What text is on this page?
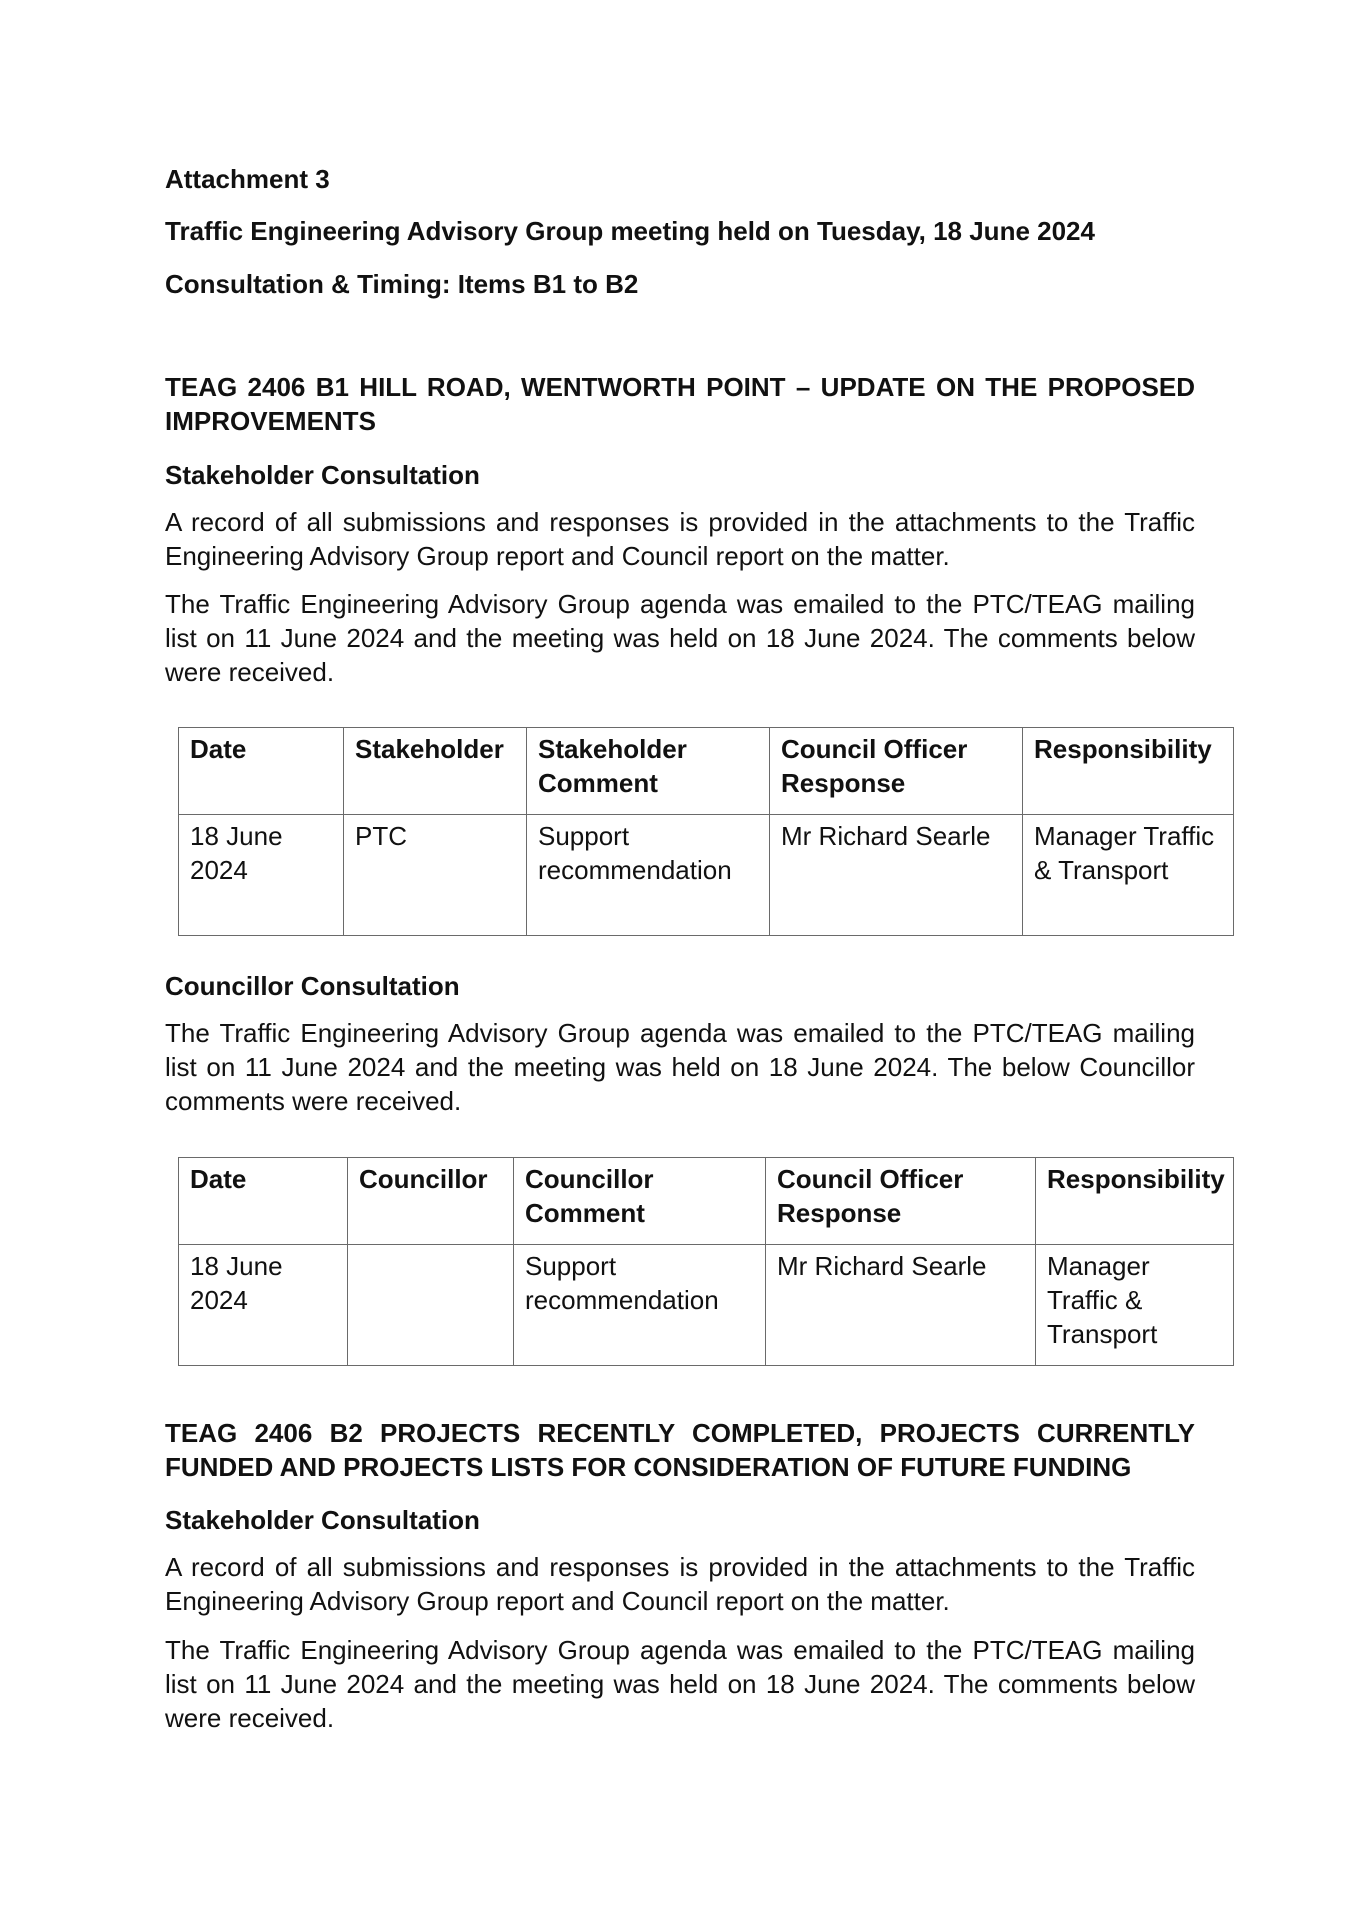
Attachment 3
Traffic Engineering Advisory Group meeting held on Tuesday, 18 June 2024
Consultation & Timing: Items B1 to B2
TEAG 2406 B1 HILL ROAD, WENTWORTH POINT – UPDATE ON THE PROPOSED IMPROVEMENTS
Stakeholder Consultation
A record of all submissions and responses is provided in the attachments to the Traffic Engineering Advisory Group report and Council report on the matter.
The Traffic Engineering Advisory Group agenda was emailed to the PTC/TEAG mailing list on 11 June 2024 and the meeting was held on 18 June 2024. The comments below were received.
Date	Stakeholder	Stakeholder Comment	Council Officer Response	Responsibility
18 June 2024	PTC	Support recommendation	Mr Richard Searle	Manager Traffic & Transport
Councillor Consultation
The Traffic Engineering Advisory Group agenda was emailed to the PTC/TEAG mailing list on 11 June 2024 and the meeting was held on 18 June 2024. The below Councillor comments were received.
Date	Councillor	Councillor Comment	Council Officer Response	Responsibility
18 June 2024		Support recommendation	Mr Richard Searle	Manager Traffic & Transport
TEAG 2406 B2 PROJECTS RECENTLY COMPLETED, PROJECTS CURRENTLY FUNDED AND PROJECTS LISTS FOR CONSIDERATION OF FUTURE FUNDING
Stakeholder Consultation
A record of all submissions and responses is provided in the attachments to the Traffic Engineering Advisory Group report and Council report on the matter.
The Traffic Engineering Advisory Group agenda was emailed to the PTC/TEAG mailing list on 11 June 2024 and the meeting was held on 18 June 2024. The comments below were received.
